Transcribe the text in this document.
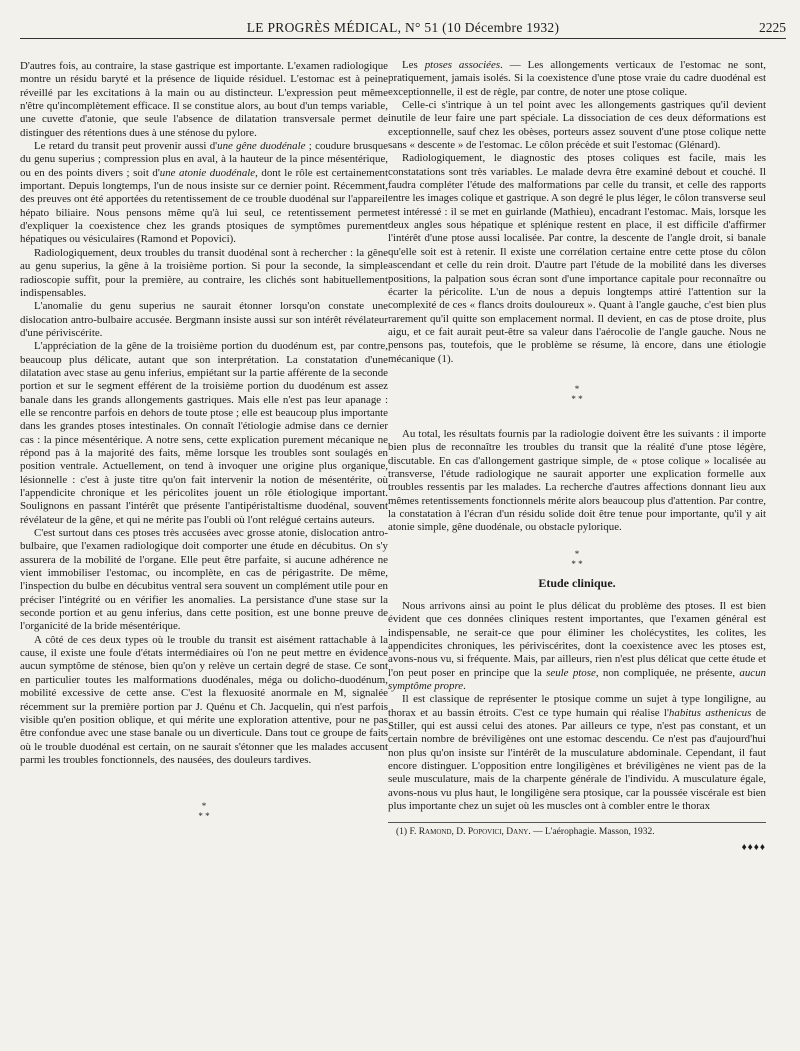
LE PROGRÈS MÉDICAL, N° 51 (10 Décembre 1932)	2225

D'autres fois, au contraire, la stase gastrique est importante. L'examen radiologique montre un résidu baryté et la présence de liquide résiduel. L'estomac est à peine réveillé par les excitations à la main ou au distincteur. L'expression peut même n'être qu'incomplètement efficace. Il se constitue alors, au bout d'un temps variable, une cuvette d'atonie, que seule l'absence de dilatation transversale permet de distinguer des rétentions dues à une sténose du pylore.

Le retard du transit peut provenir aussi d'une gêne duodénale ; coudure brusque du genu superius ; compression plus en aval, à la hauteur de la pince mésentérique, ou en des points divers ; soit d'une atonie duodénale, dont le rôle est certainement important. Depuis longtemps, l'un de nous insiste sur ce dernier point. Récemment, des preuves ont été apportées du retentissement de ce trouble duodénal sur l'appareil hépato biliaire. Nous pensons même qu'à lui seul, ce retentissement permet d'expliquer la coexistence chez les grands ptosiques de symptômes purement hépatiques ou vésiculaires (Ramond et Popovici).

Radiologiquement, deux troubles du transit duodénal sont à rechercher : la gêne au genu superius, la gêne à la troisième portion. Si pour la seconde, la simple radioscopie suffit, pour la première, au contraire, les clichés sont habituellement indispensables.

L'anomalie du genu superius ne saurait étonner lorsqu'on constate une dislocation antro-bulbaire accusée. Bergmann insiste aussi sur son intérêt révélateur d'une périviscérite.

L'appréciation de la gêne de la troisième portion du duodénum est, par contre, beaucoup plus délicate, autant que son interprétation. La constatation d'une dilatation avec stase au genu inferius, empiétant sur la partie afférente de la seconde portion et sur le segment efférent de la troisième portion du duodénum est assez banale dans les grands allongements gastriques. Mais elle n'est pas leur apanage : elle se rencontre parfois en dehors de toute ptose ; elle est beaucoup plus importante dans les grandes ptoses intestinales. On connaît l'étiologie admise dans ce dernier cas : la pince mésentérique. A notre sens, cette explication purement mécanique ne répond pas à la majorité des faits, même lorsque les troubles sont soulagés en position ventrale. Actuellement, on tend à invoquer une origine plus organique, lésionnelle : c'est à juste titre qu'on fait intervenir la notion de mésentérite, où l'appendicite chronique et les péricolites jouent un rôle étiologique important. Soulignons en passant l'intérêt que présente l'antipéristaltisme duodénal, souvent révélateur de la gêne, et qui ne mérite pas l'oubli où l'ont relégué certains auteurs.

C'est surtout dans ces ptoses très accusées avec grosse atonie, dislocation antro-bulbaire, que l'examen radiologique doit comporter une étude en décubitus. On s'y assurera de la mobilité de l'organe. Elle peut être parfaite, si aucune adhérence ne vient immobiliser l'estomac, ou incomplète, en cas de périgastrite. De même, l'inspection du bulbe en décubitus ventral sera souvent un complément utile pour en préciser l'intégrité ou en vérifier les anomalies. La persistance d'une stase sur la seconde portion et au genu inferius, dans cette position, est une bonne preuve de l'organicité de la bride mésentérique.

A côté de ces deux types où le trouble du transit est aisément rattachable à la cause, il existe une foule d'états intermédiaires où l'on ne peut mettre en évidence aucun symptôme de sténose, bien qu'on y relève un certain degré de stase. Ce sont en particulier toutes les malformations duodénales, méga ou dolicho-duodénum, mobilité excessive de cette anse. C'est la flexuosité anormale en M, signalée récemment sur la première portion par J. Quénu et Ch. Jacquelin, qui n'est parfois visible qu'en position oblique, et qui mérite une exploration attentive, pour ne pas être confondue avec une stase banale ou un diverticule. Dans tout ce groupe de faits où le trouble duodénal est certain, on ne saurait s'étonner que les malades accusent parmi les troubles fonctionnels, des nausées, des douleurs tardives.

*
* *

Les ptoses associées. — Les allongements verticaux de l'estomac ne sont, pratiquement, jamais isolés. Si la coexistence d'une ptose vraie du cadre duodénal est exceptionnelle, il est de règle, par contre, de noter une ptose colique.

Celle-ci s'intrique à un tel point avec les allongements gastriques qu'il devient inutile de leur faire une part spéciale. La dissociation de ces deux déformations est exceptionnelle, sauf chez les obèses, porteurs assez souvent d'une ptose colique nette sans « descente » de l'estomac. Le côlon précède et suit l'estomac (Glénard).

Radiologiquement, le diagnostic des ptoses coliques est facile, mais les constatations sont très variables. Le malade devra être examiné debout et couché. Il faudra compléter l'étude des malformations par celle du transit, et celle des rapports entre les images colique et gastrique. A son degré le plus léger, le côlon transverse seul est intéressé : il se met en guirlande (Mathieu), encadrant l'estomac. Mais, lorsque les deux angles sous hépatique et splénique restent en place, il est difficile d'affirmer l'intérêt d'une ptose aussi localisée. Par contre, la descente de l'angle droit, si banale qu'elle soit est à retenir. Il existe une corrélation certaine entre cette ptose du côlon ascendant et celle du rein droit. D'autre part l'étude de la mobilité dans les diverses positions, la palpation sous écran sont d'une importance capitale pour reconnaître ou écarter la péricolite. L'un de nous a depuis longtemps attiré l'attention sur la complexité de ces « flancs droits douloureux ». Quant à l'angle gauche, c'est bien plus rarement qu'il quitte son emplacement normal. Il devient, en cas de ptose droite, plus aigu, et ce fait aurait peut-être sa valeur dans l'aérocolie de l'angle gauche. Nous ne pensons pas, toutefois, que le problème se résume, là encore, dans une étiologie mécanique (1).

*
* *

Au total, les résultats fournis par la radiologie doivent être les suivants : il importe bien plus de reconnaître les troubles du transit que la réalité d'une ptose légère, discutable. En cas d'allongement gastrique simple, de « ptose colique » localisée au transverse, l'étude radiologique ne saurait apporter une explication formelle aux troubles ressentis par les malades. La recherche d'autres affections donnant lieu aux mêmes retentissements fonctionnels mérite alors beaucoup plus d'attention. Par contre, la constatation à l'écran d'un résidu solide doit être tenue pour importante, qu'il y ait atonie simple, gêne duodénale, ou obstacle pylorique.

*
* *
Etude clinique.

Nous arrivons ainsi au point le plus délicat du problème des ptoses. Il est bien évident que ces données cliniques restent importantes, que l'examen général est indispensable, ne serait-ce que pour éliminer les cholécystites, les colites, les appendicites chroniques, les périviscérites, dont la coexistence avec les ptoses est, avons-nous vu, si fréquente. Mais, par ailleurs, rien n'est plus délicat que cette étude et l'on peut poser en principe que la seule ptose, non compliquée, ne présente, aucun symptôme propre.

Il est classique de représenter le ptosique comme un sujet à type longiligne, au thorax et au bassin étroits. C'est ce type humain qui réalise l'habitus asthenicus de Stiller, qui est aussi celui des atones. Par ailleurs ce type, n'est pas constant, et un certain nombre de bréviligènes ont une estomac descendu. Ce n'est pas d'aujourd'hui non plus qu'on insiste sur l'intérêt de la musculature abdominale. Cependant, il faut encore distinguer. L'opposition entre longiligènes et bréviligènes ne vient pas de la seule musculature, mais de la charpente générale de l'individu. A musculature égale, avons-nous vu plus haut, le longiligène sera ptosique, car la poussée viscérale est bien plus importante chez un sujet où les muscles ont à combler entre le thorax

(1) F. Ramond, D. Popovici, Dany. — L'aérophagie. Masson, 1932.
♦♦♦♦
